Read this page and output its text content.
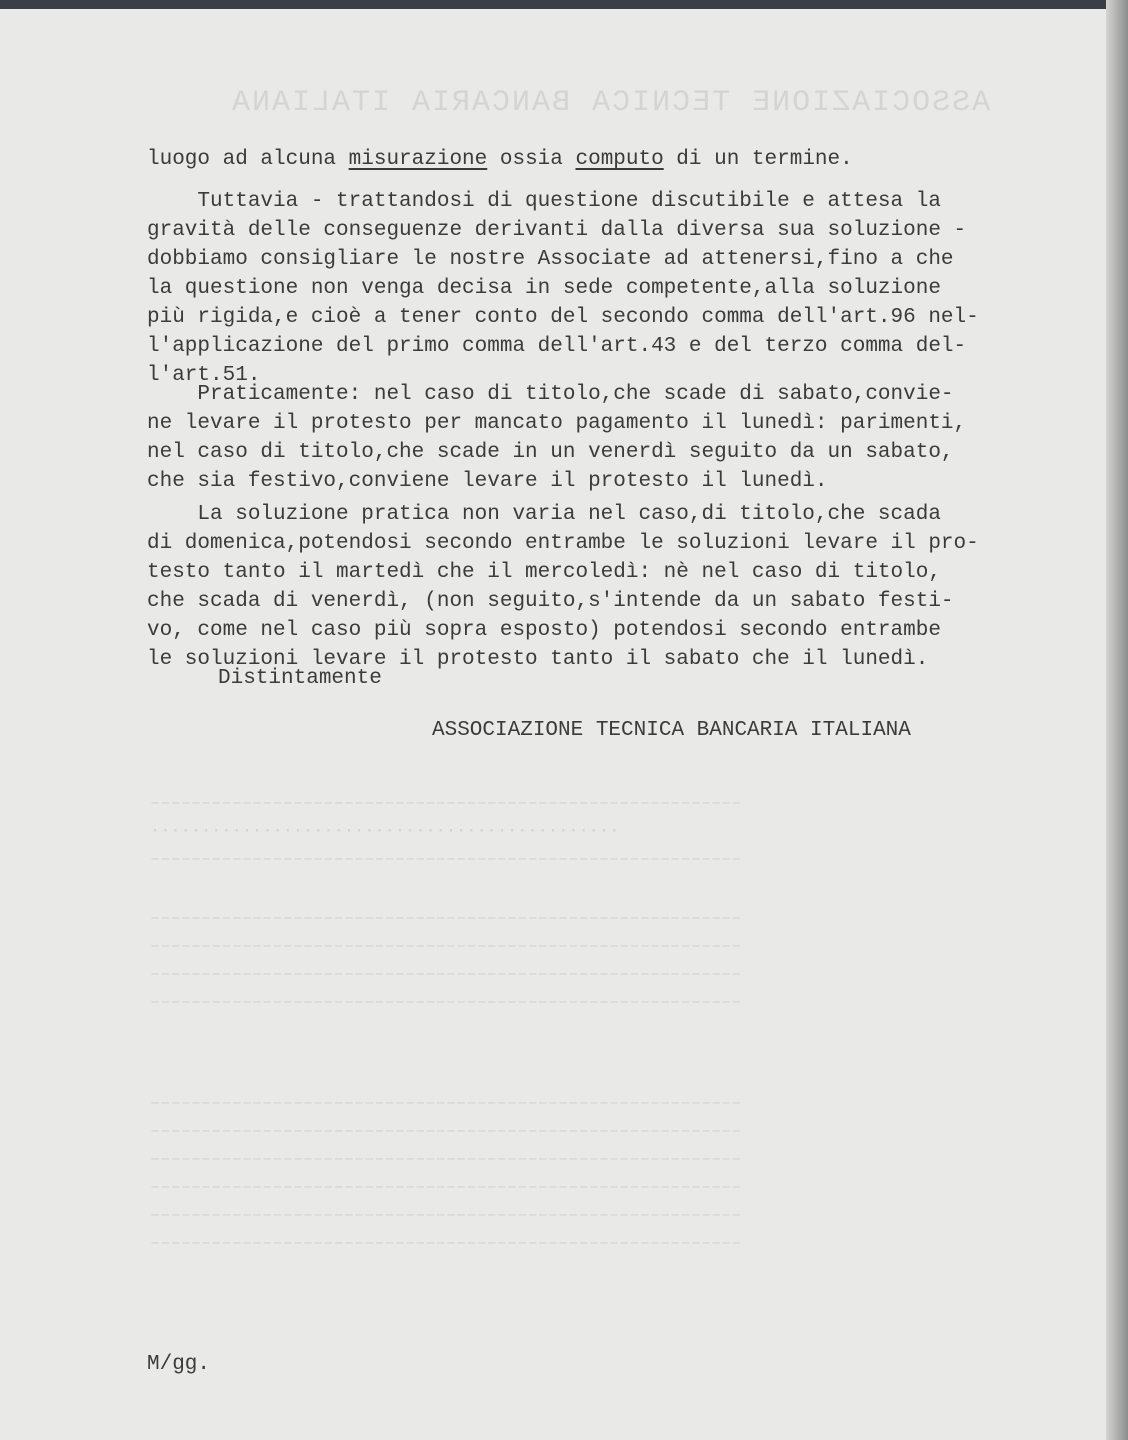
ASSOCIAZIONE TECNICA BANCARIA ITALIANA
––––––––––––––––––––––––––––––––––––––––––––––––––––––––––
··············································
––––––––––––––––––––––––––––––––––––––––––––––––––––––––––
––––––––––––––––––––––––––––––––––––––––––––––––––––––––––
––––––––––––––––––––––––––––––––––––––––––––––––––––––––––
––––––––––––––––––––––––––––––––––––––––––––––––––––––––––
––––––––––––––––––––––––––––––––––––––––––––––––––––––––––
––––––––––––––––––––––––––––––––––––––––––––––––––––––––––
––––––––––––––––––––––––––––––––––––––––––––––––––––––––––
––––––––––––––––––––––––––––––––––––––––––––––––––––––––––
––––––––––––––––––––––––––––––––––––––––––––––––––––––––––
––––––––––––––––––––––––––––––––––––––––––––––––––––––––––
––––––––––––––––––––––––––––––––––––––––––––––––––––––––––

luogo ad alcuna misurazione ossia computo di un termine.

Tuttavia - trattandosi di questione discutibile e attesa la
gravità delle conseguenze derivanti dalla diversa sua soluzione -
dobbiamo consigliare le nostre Associate ad attenersi,fino a che
la questione non venga decisa in sede competente,alla soluzione
più rigida,e cioè a tener conto del secondo comma dell'art.96 nel-
l'applicazione del primo comma dell'art.43 e del terzo comma del-
l'art.51.

Praticamente: nel caso di titolo,che scade di sabato,convie-
ne levare il protesto per mancato pagamento il lunedì: parimenti,
nel caso di titolo,che scade in un venerdì seguito da un sabato,
che sia festivo,conviene levare il protesto il lunedì.

La soluzione pratica non varia nel caso,di titolo,che scada
di domenica,potendosi secondo entrambe le soluzioni levare il pro-
testo tanto il martedì che il mercoledì: nè nel caso di titolo,
che scada di venerdì, (non seguito,s'intende da un sabato festi-
vo, come nel caso più sopra esposto) potendosi secondo entrambe
le soluzioni levare il protesto tanto il sabato che il lunedì.

Distintamente

ASSOCIAZIONE TECNICA BANCARIA ITALIANA

M/gg.
